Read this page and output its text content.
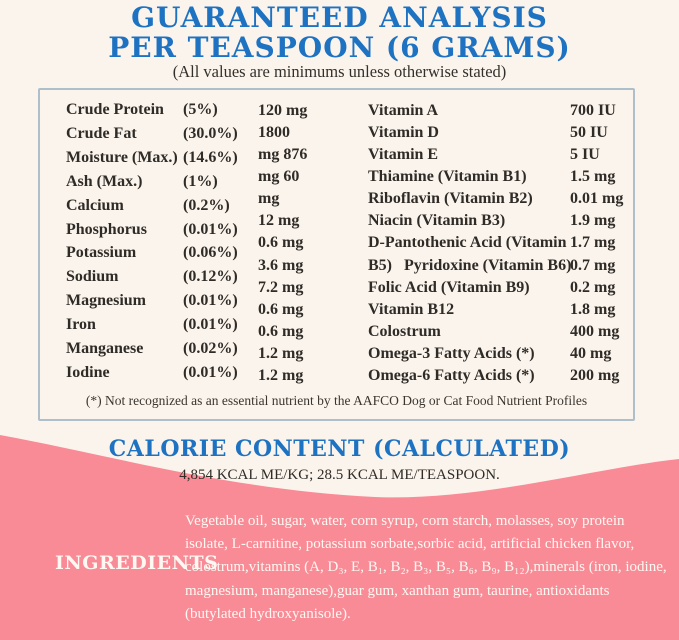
GUARANTEED ANALYSIS
PER TEASPOON (6 GRAMS)
(All values are minimums unless otherwise stated)
Crude Protein
Crude Fat
Moisture (Max.)
Ash (Max.)
Calcium
Phosphorus
Potassium
Sodium
Magnesium
Iron
Manganese
Iodine
(5%)
(30.0%)
(14.6%)
(1%)
(0.2%)
(0.01%)
(0.06%)
(0.12%)
(0.01%)
(0.01%)
(0.02%)
(0.01%)
120 mg
1800
mg 876
mg 60
mg
12 mg
0.6 mg
3.6 mg
7.2 mg
0.6 mg
0.6 mg
1.2 mg
1.2 mg
Vitamin A
Vitamin D
Vitamin E
Thiamine (Vitamin B1)
Riboflavin (Vitamin B2)
Niacin (Vitamin B3)
D-Pantothenic Acid (Vitamin
B5)   Pyridoxine (Vitamin B6)
Folic Acid (Vitamin B9)
Vitamin B12
Colostrum
Omega-3 Fatty Acids (*)
Omega-6 Fatty Acids (*)
700 IU
50 IU
5 IU
1.5 mg
0.01 mg
1.9 mg
1.7 mg
0.7 mg
0.2 mg
1.8 mg
400 mg
40 mg
200 mg
(*) Not recognized as an essential nutrient by the AAFCO Dog or Cat Food Nutrient Profiles
CALORIE CONTENT (CALCULATED)
4,854 KCAL ME/KG; 28.5 KCAL ME/TEASPOON.
INGREDIENTS
Vegetable oil, sugar, water, corn syrup, corn starch, molasses, soy protein
isolate, L-carnitine, potassium sorbate,sorbic acid, artificial chicken flavor,
colostrum,vitamins (A, D₃, E, B₁, B₂, B₃, B₅, B₆, B₉, B₁₂),minerals (iron, iodine,
magnesium, manganese),guar gum, xanthan gum, taurine, antioxidants
(butylated hydroxyanisole).
